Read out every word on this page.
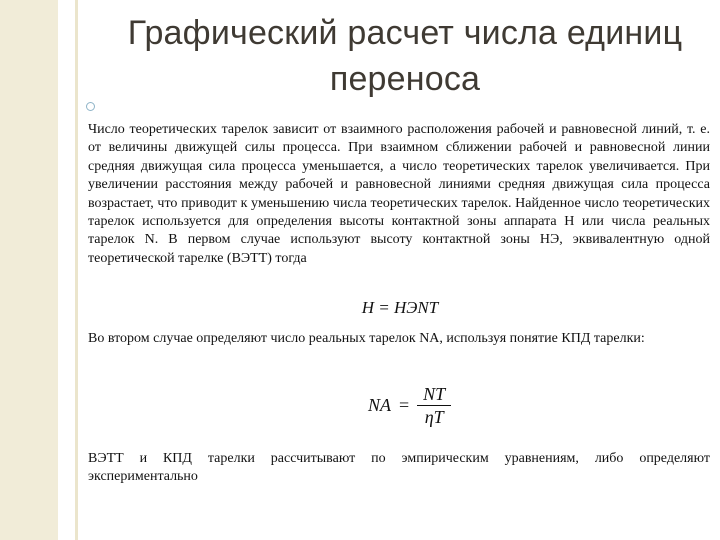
Графический расчет числа единиц переноса

Число теоретических тарелок зависит от взаимного расположения рабочей и равновесной линий, т. е. от величины движущей силы процесса. При взаимном сближении рабочей и равновесной линии средняя движущая сила процесса уменьшается, а число теоретических тарелок увеличивается. При увеличении расстояния между рабочей и равновесной линиями средняя движущая сила процесса возрастает, что приводит к уменьшению числа теоретических тарелок. Найденное число теоретических тарелок используется для определения высоты контактной зоны аппарата Н или числа реальных тарелок N. В первом случае используют высоту контактной зоны НЭ, эквивалентную одной теоретической тарелке (ВЭТТ) тогда

H = HЭNT

Во втором случае определяют число реальных тарелок NA, используя понятие КПД тарелки:

NA = $\frac{NT}{\eta T}$

ВЭТТ и КПД тарелки рассчитывают по эмпирическим уравнениям, либо определяют экспериментально
